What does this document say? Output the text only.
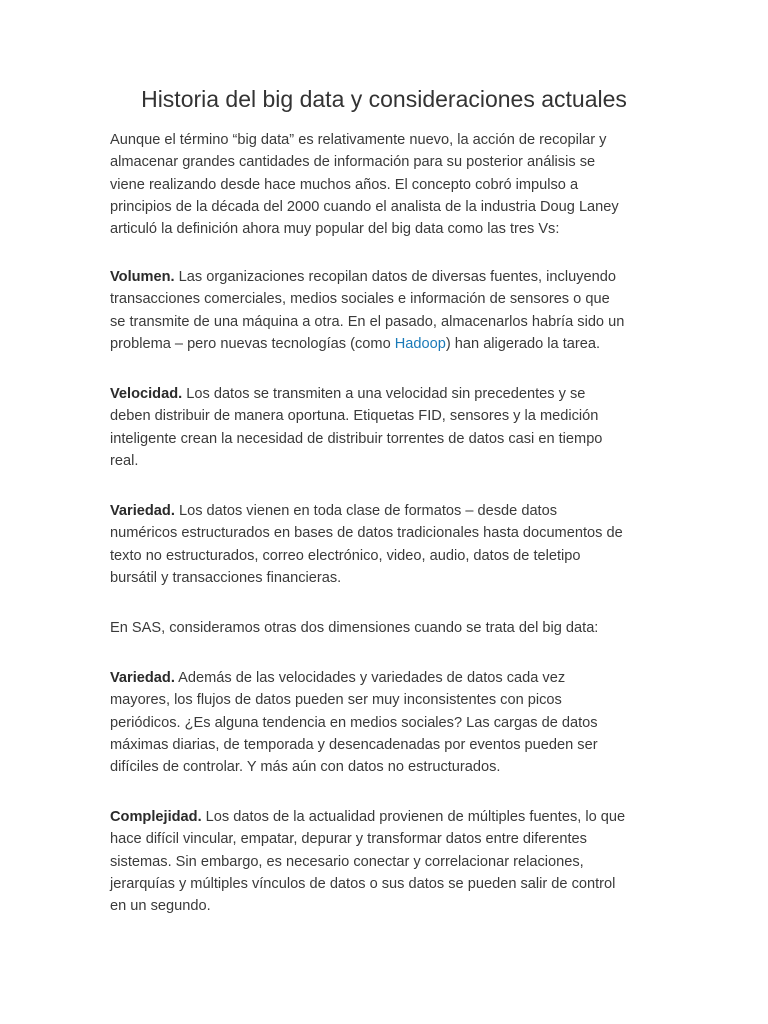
Historia del big data y consideraciones actuales

Aunque el término “big data” es relativamente nuevo, la acción de recopilar y
almacenar grandes cantidades de información para su posterior análisis se
viene realizando desde hace muchos años. El concepto cobró impulso a
principios de la década del 2000 cuando el analista de la industria Doug Laney
articuló la definición ahora muy popular del big data como las tres Vs:

Volumen. Las organizaciones recopilan datos de diversas fuentes, incluyendo
transacciones comerciales, medios sociales e información de sensores o que
se transmite de una máquina a otra. En el pasado, almacenarlos habría sido un
problema – pero nuevas tecnologías (como Hadoop) han aligerado la tarea.

Velocidad. Los datos se transmiten a una velocidad sin precedentes y se
deben distribuir de manera oportuna. Etiquetas FID, sensores y la medición
inteligente crean la necesidad de distribuir torrentes de datos casi en tiempo
real.

Variedad. Los datos vienen en toda clase de formatos – desde datos
numéricos estructurados en bases de datos tradicionales hasta documentos de
texto no estructurados, correo electrónico, video, audio, datos de teletipo
bursátil y transacciones financieras.

En SAS, consideramos otras dos dimensiones cuando se trata del big data:

Variedad. Además de las velocidades y variedades de datos cada vez
mayores, los flujos de datos pueden ser muy inconsistentes con picos
periódicos. ¿Es alguna tendencia en medios sociales? Las cargas de datos
máximas diarias, de temporada y desencadenadas por eventos pueden ser
difíciles de controlar. Y más aún con datos no estructurados.

Complejidad. Los datos de la actualidad provienen de múltiples fuentes, lo que
hace difícil vincular, empatar, depurar y transformar datos entre diferentes
sistemas. Sin embargo, es necesario conectar y correlacionar relaciones,
jerarquías y múltiples vínculos de datos o sus datos se pueden salir de control
en un segundo.
